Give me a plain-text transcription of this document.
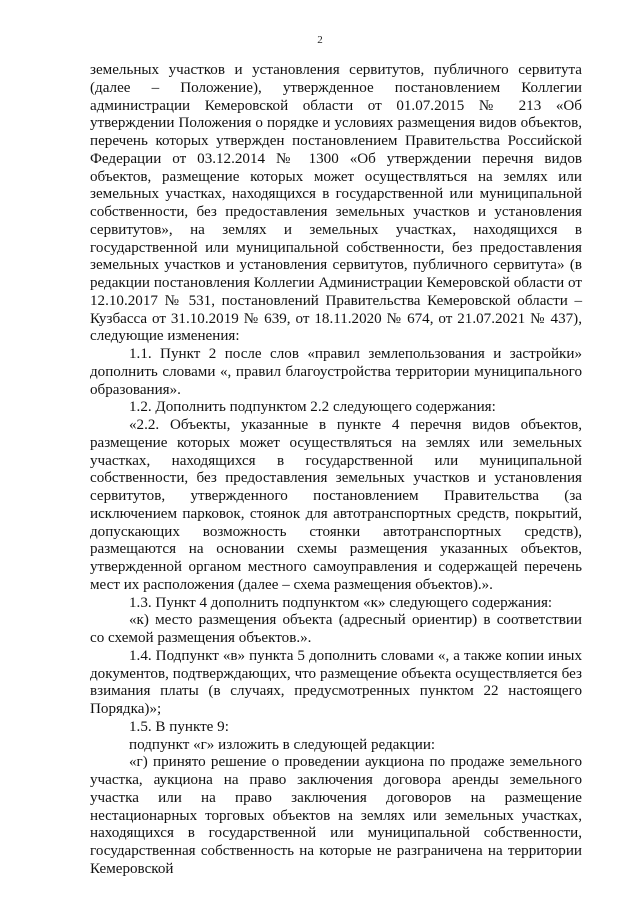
2

земельных участков и установления сервитутов, публичного сервитута (далее – Положение), утвержденное постановлением Коллегии администрации Кемеровской области от 01.07.2015 № 213 «Об утверждении Положения о порядке и условиях размещения видов объектов, перечень которых утвержден постановлением Правительства Российской Федерации от 03.12.2014 № 1300 «Об утверждении перечня видов объектов, размещение которых может осуществляться на землях или земельных участках, находящихся в государственной или муниципальной собственности, без предоставления земельных участков и установления сервитутов», на землях и земельных участках, находящихся в государственной или муниципальной собственности, без предоставления земельных участков и установления сервитутов, публичного сервитута» (в редакции постановления Коллегии Администрации Кемеровской области от 12.10.2017 № 531, постановлений Правительства Кемеровской области – Кузбасса от 31.10.2019 № 639, от 18.11.2020 № 674, от 21.07.2021 № 437), следующие изменения:

1.1. Пункт 2 после слов «правил землепользования и застройки» дополнить словами «, правил благоустройства территории муниципального образования».

1.2. Дополнить подпунктом 2.2 следующего содержания:

«2.2. Объекты, указанные в пункте 4 перечня видов объектов, размещение которых может осуществляться на землях или земельных участках, находящихся в государственной или муниципальной собственности, без предоставления земельных участков и установления сервитутов, утвержденного постановлением Правительства (за исключением парковок, стоянок для автотранспортных средств, покрытий, допускающих возможность стоянки автотранспортных средств), размещаются на основании схемы размещения указанных объектов, утвержденной органом местного самоуправления и содержащей перечень мест их расположения (далее – схема размещения объектов).».

1.3. Пункт 4 дополнить подпунктом «к» следующего содержания:

«к) место размещения объекта (адресный ориентир) в соответствии со схемой размещения объектов.».

1.4. Подпункт «в» пункта 5 дополнить словами «, а также копии иных документов, подтверждающих, что размещение объекта осуществляется без взимания платы (в случаях, предусмотренных пунктом 22 настоящего Порядка)»;

1.5. В пункте 9:

подпункт «г» изложить в следующей редакции:

«г) принято решение о проведении аукциона по продаже земельного участка, аукциона на право заключения договора аренды земельного участка или на право заключения договоров на размещение нестационарных торговых объектов на землях или земельных участках, находящихся в государственной или муниципальной собственности, государственная собственность на которые не разграничена на территории Кемеровской
